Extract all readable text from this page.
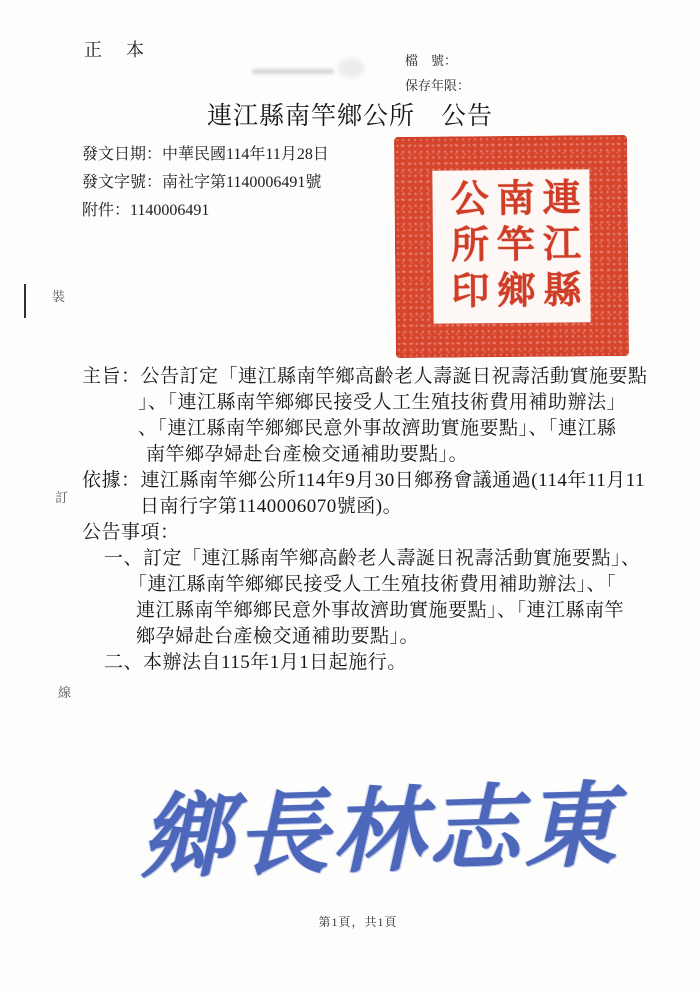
正　本
檔　號：
保存年限：
連江縣南竿鄉公所　公告
發文日期：中華民國114年11月28日
發文字號：南社字第1140006491號
附件：1140006491
裝
訂
線
連江縣
南竿鄉
公所印
主旨：公告訂定「連江縣南竿鄉高齡老人壽誕日祝壽活動實施要點
」、「連江縣南竿鄉鄉民接受人工生殖技術費用補助辦法」
、「連江縣南竿鄉鄉民意外事故濟助實施要點」、「連江縣
南竿鄉孕婦赴台產檢交通補助要點」。
依據：連江縣南竿鄉公所114年9月30日鄉務會議通過(114年11月11
日南行字第1140006070號函)。
公告事項：
一、訂定「連江縣南竿鄉高齡老人壽誕日祝壽活動實施要點」、
「連江縣南竿鄉鄉民接受人工生殖技術費用補助辦法」、「
連江縣南竿鄉鄉民意外事故濟助實施要點」、「連江縣南竿
鄉孕婦赴台產檢交通補助要點」。
二、本辦法自115年1月1日起施行。
鄉長林志東
第1頁，共1頁
